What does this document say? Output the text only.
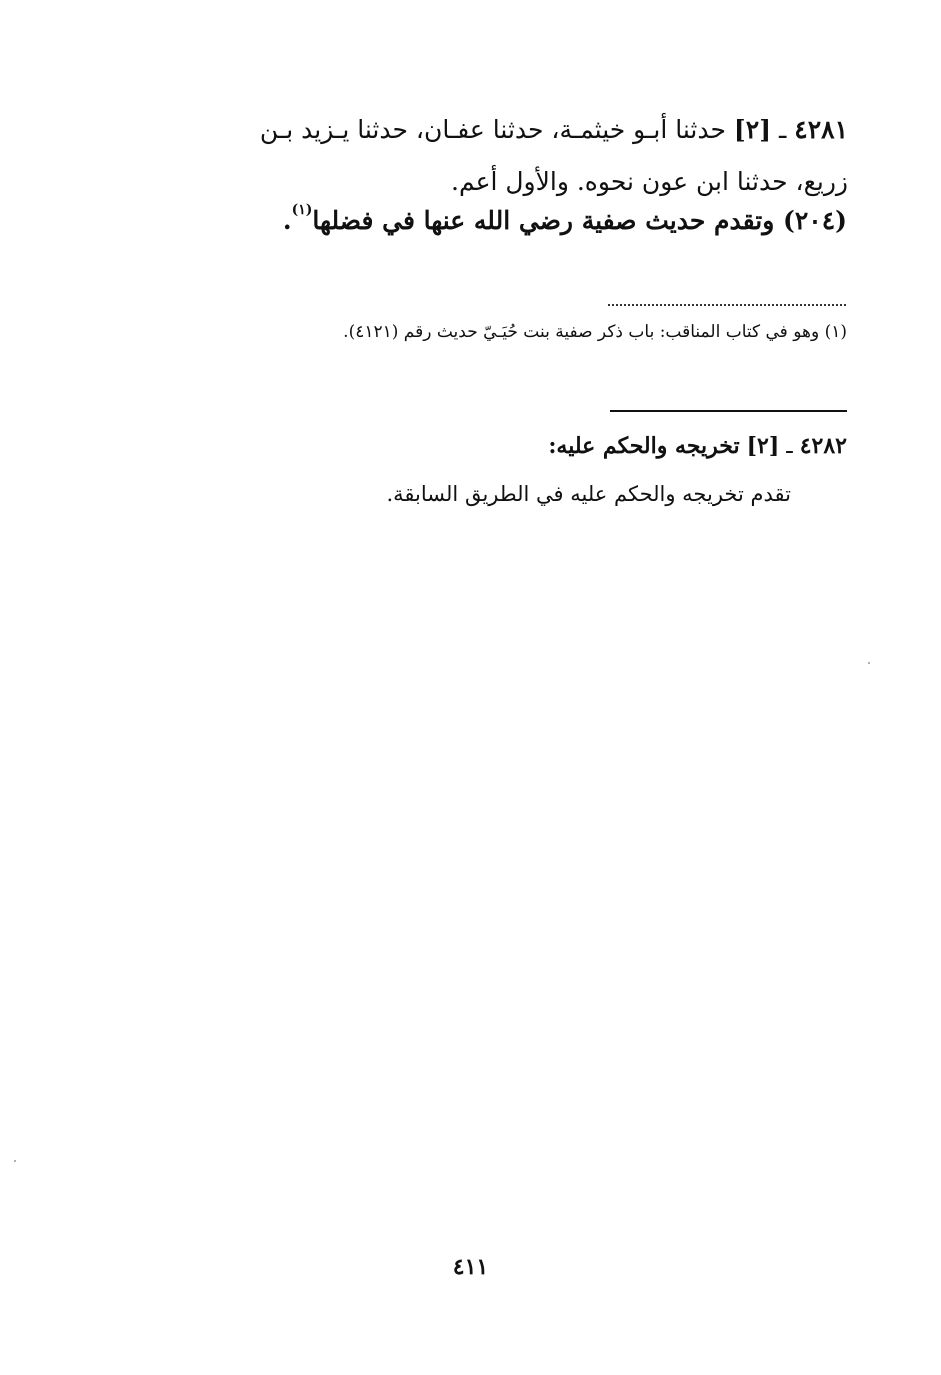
٤٢٨١ ـ [٢] حدثنا أبـو خيثمـة، حدثنا عفـان، حدثنا يـزيد بـن
زريع، حدثنا ابن عون نحوه. والأول أعم.
(٢٠٤) وتقدم حديث صفية رضي الله عنها في فضلها$^{(١)}$.
(١) وهو في كتاب المناقب: باب ذكر صفية بنت حُيَـيّ حديث رقم (٤١٢١).
٤٢٨٢ ـ [٢] تخريجه والحكم عليه:
تقدم تخريجه والحكم عليه في الطريق السابقة.
٤١١
